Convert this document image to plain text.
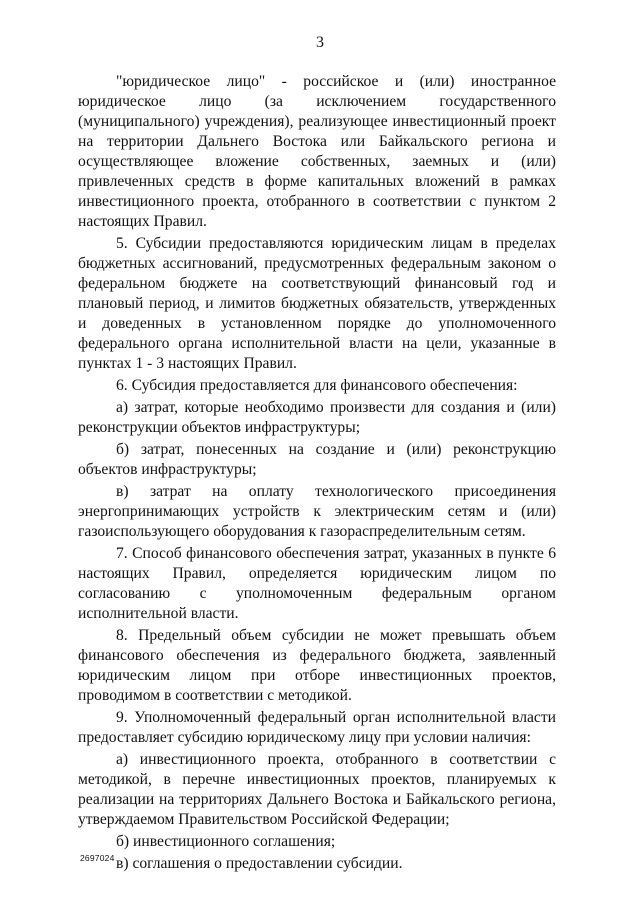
3

"юридическое лицо" - российское и (или) иностранное юридическое лицо (за исключением государственного (муниципального) учреждения), реализующее инвестиционный проект на территории Дальнего Востока или Байкальского региона и осуществляющее вложение собственных, заемных и (или) привлеченных средств в форме капитальных вложений в рамках инвестиционного проекта, отобранного в соответствии с пунктом 2 настоящих Правил.

5. Субсидии предоставляются юридическим лицам в пределах бюджетных ассигнований, предусмотренных федеральным законом о федеральном бюджете на соответствующий финансовый год и плановый период, и лимитов бюджетных обязательств, утвержденных и доведенных в установленном порядке до уполномоченного федерального органа исполнительной власти на цели, указанные в пунктах 1 - 3 настоящих Правил.

6. Субсидия предоставляется для финансового обеспечения:

а) затрат, которые необходимо произвести для создания и (или) реконструкции объектов инфраструктуры;

б) затрат, понесенных на создание и (или) реконструкцию объектов инфраструктуры;

в) затрат на оплату технологического присоединения энергопринимающих устройств к электрическим сетям и (или) газоиспользующего оборудования к газораспределительным сетям.

7. Способ финансового обеспечения затрат, указанных в пункте 6 настоящих Правил, определяется юридическим лицом по согласованию с уполномоченным федеральным органом исполнительной власти.

8. Предельный объем субсидии не может превышать объем финансового обеспечения из федерального бюджета, заявленный юридическим лицом при отборе инвестиционных проектов, проводимом в соответствии с методикой.

9. Уполномоченный федеральный орган исполнительной власти предоставляет субсидию юридическому лицу при условии наличия:

а) инвестиционного проекта, отобранного в соответствии с методикой, в перечне инвестиционных проектов, планируемых к реализации на территориях Дальнего Востока и Байкальского региона, утверждаемом Правительством Российской Федерации;

б) инвестиционного соглашения;

в) соглашения о предоставлении субсидии.

2697024
